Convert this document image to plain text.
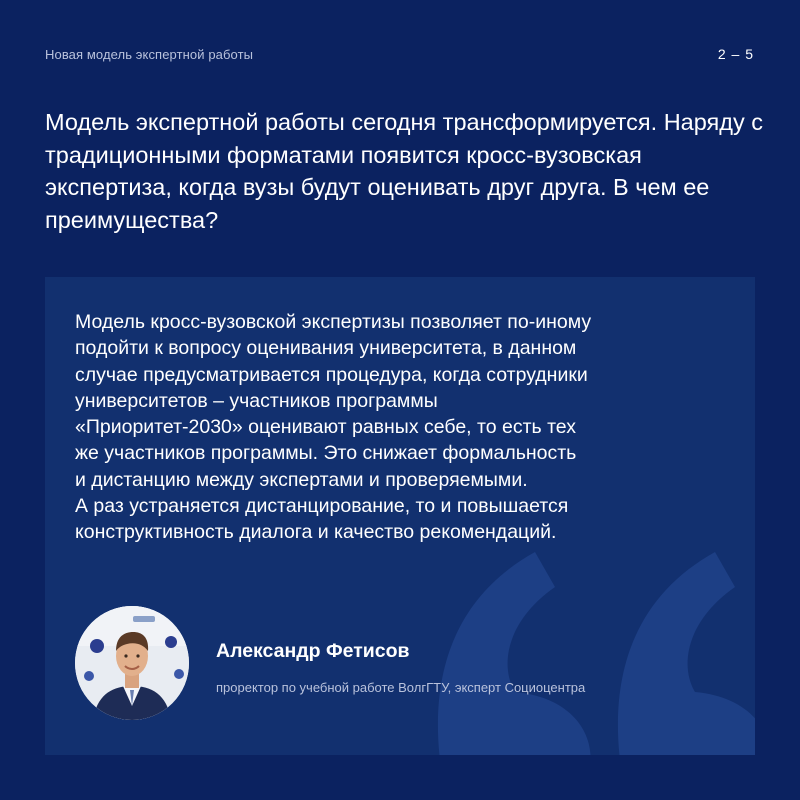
Новая модель экспертной работы	2 – 5
Модель экспертной работы сегодня трансформируется. Наряду с традиционными форматами появится кросс-вузовская экспертиза, когда вузы будут оценивать друг друга. В чем ее преимущества?
Модель кросс-вузовской экспертизы позволяет по-иному
подойти к вопросу оценивания университета, в данном
случае предусматривается процедура, когда сотрудники
университетов – участников программы
«Приоритет-2030» оценивают равных себе, то есть тех
же участников программы. Это снижает формальность
и дистанцию между экспертами и проверяемыми.
А раз устраняется дистанцирование, то и повышается
конструктивность диалога и качество рекомендаций.
Александр Фетисов
проректор по учебной работе ВолгГТУ, эксперт Социоцентра
